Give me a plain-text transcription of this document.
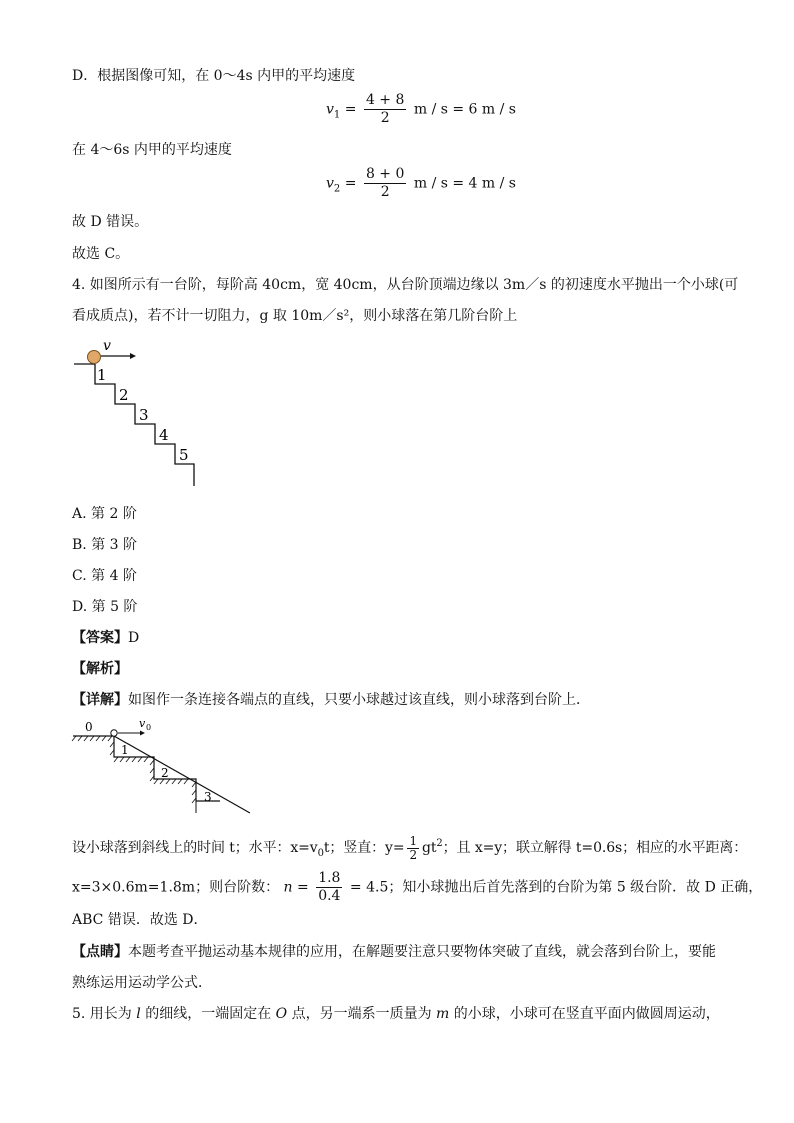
D．根据图像可知，在 0～4s 内甲的平均速度
$v_1 = \frac{4 + 8}{2}$ m / s = 6 m / s
在 4～6s 内甲的平均速度
$v_2 = \frac{8 + 0}{2}$ m / s = 4 m / s
故 D 错误。
故选 C。
4. 如图所示有一台阶，每阶高 40cm，宽 40cm，从台阶顶端边缘以 3m／s 的初速度水平抛出一个小球(可
看成质点)，若不计一切阻力，g 取 10m／s²，则小球落在第几阶台阶上
v
1
2
3
4
5
A. 第 2 阶
B. 第 3 阶
C. 第 4 阶
D. 第 5 阶
【答案】D
【解析】
【详解】如图作一条连接各端点的直线，只要小球越过该直线，则小球落到台阶上．
0	v 0
1
2
3
设小球落到斜线上的时间 t；水平：$x=v_0t$；竖直：$y= \frac{1}{2} gt^2$；且 x=y；联立解得 t=0.6s；相应的水平距离：
x=3×0.6m=1.8m；则台阶数： $n = \frac{1.8}{0.4} = 4.5$；知小球抛出后首先落到的台阶为第 5 级台阶．故 D 正确，
ABC 错误．故选 D．
【点睛】本题考查平抛运动基本规律的应用，在解题要注意只要物体突破了直线，就会落到台阶上，要能
熟练运用运动学公式．
5. 用长为 l 的细线，一端固定在 O 点，另一端系一质量为 m 的小球，小球可在竖直平面内做圆周运动，
